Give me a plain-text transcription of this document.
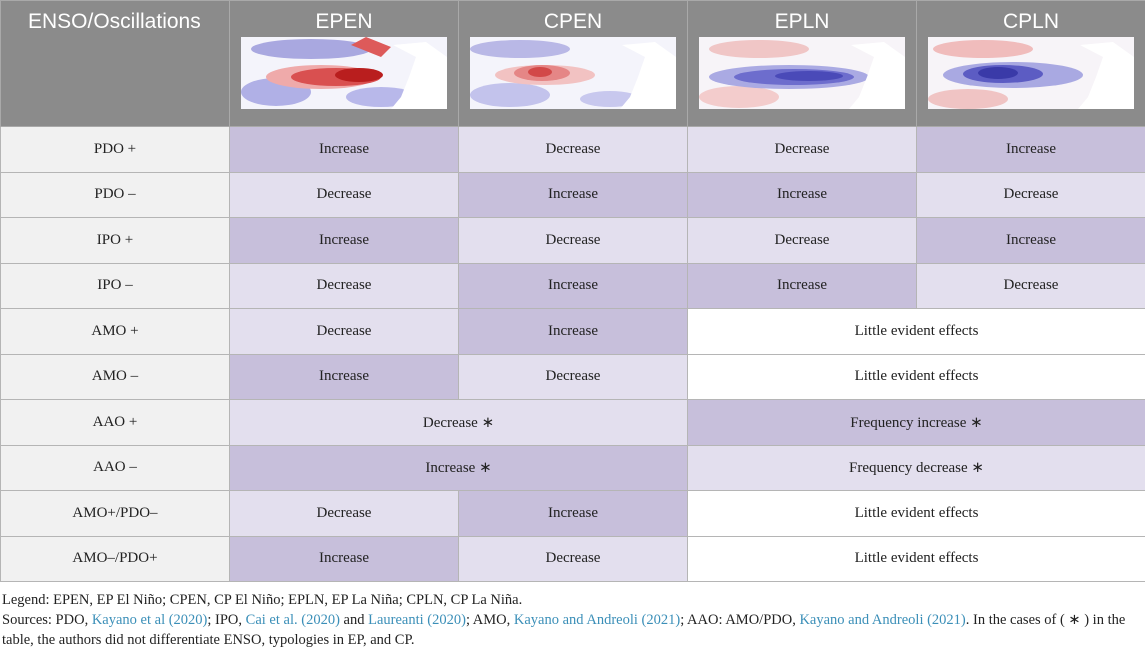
ENSO/Oscillations	EPEN	CPEN	EPLN	CPLN

PDO +	Increase	Decrease	Decrease	Increase
PDO –	Decrease	Increase	Increase	Decrease
IPO +	Increase	Decrease	Decrease	Increase
IPO –	Decrease	Increase	Increase	Decrease
AMO +	Decrease	Increase	Little evident effects	
AMO –	Increase	Decrease	Little evident effects	
AAO +	Decrease ∗		Frequency increase ∗	
AAO –	Increase ∗		Frequency decrease ∗	
AMO+/PDO–	Decrease	Increase	Little evident effects	
AMO–/PDO+	Increase	Decrease	Little evident effects	
Legend: EPEN, EP El Niño; CPEN, CP El Niño; EPLN, EP La Niña; CPLN, CP La Niña.
Sources: PDO, Kayano et al (2020); IPO, Cai et al. (2020) and Laureanti (2020); AMO, Kayano and Andreoli (2021); AAO: AMO/PDO, Kayano and Andreoli (2021). In the cases of ( ∗ ) in the table, the authors did not differentiate ENSO, typologies in EP, and CP.
